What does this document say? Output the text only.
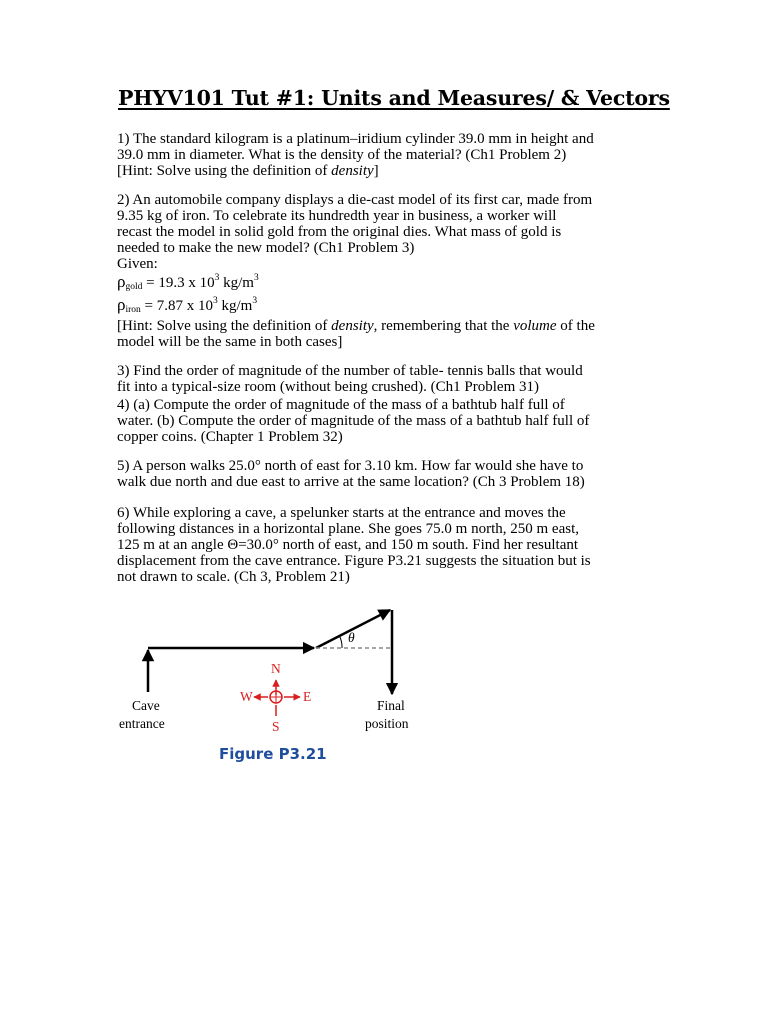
PHYV101 Tut #1: Units and Measures/ & Vectors
1) The standard kilogram is a platinum–iridium cylinder 39.0 mm in height and
39.0 mm in diameter. What is the density of the material? (Ch1 Problem 2)
[Hint: Solve using the definition of density]
2) An automobile company displays a die-cast model of its first car, made from
9.35 kg of iron. To celebrate its hundredth year in business, a worker will
recast the model in solid gold from the original dies. What mass of gold is
needed to make the new model? (Ch1 Problem 3)
Given:
ρgold = 19.3 x $10^3$ $kg/m^3$
ρiron = 7.87 x $10^3$ $kg/m^3$
[Hint: Solve using the definition of density, remembering that the volume of the
model will be the same in both cases]
3) Find the order of magnitude of the number of table- tennis balls that would
fit into a typical-size room (without being crushed). (Ch1 Problem 31)
4) (a) Compute the order of magnitude of the mass of a bathtub half full of
water. (b) Compute the order of magnitude of the mass of a bathtub half full of
copper coins. (Chapter 1 Problem 32)
5) A person walks 25.0° north of east for 3.10 km. How far would she have to
walk due north and due east to arrive at the same location? (Ch 3 Problem 18)
6) While exploring a cave, a spelunker starts at the entrance and moves the
following distances in a horizontal plane. She goes 75.0 m north, 250 m east,
125 m at an angle Θ=30.0° north of east, and 150 m south. Find her resultant
displacement from the cave entrance. Figure P3.21 suggests the situation but is
not drawn to scale. (Ch 3, Problem 21)
θ
N
S
E
W
Cave
entrance
Final
position
Figure P3.21
